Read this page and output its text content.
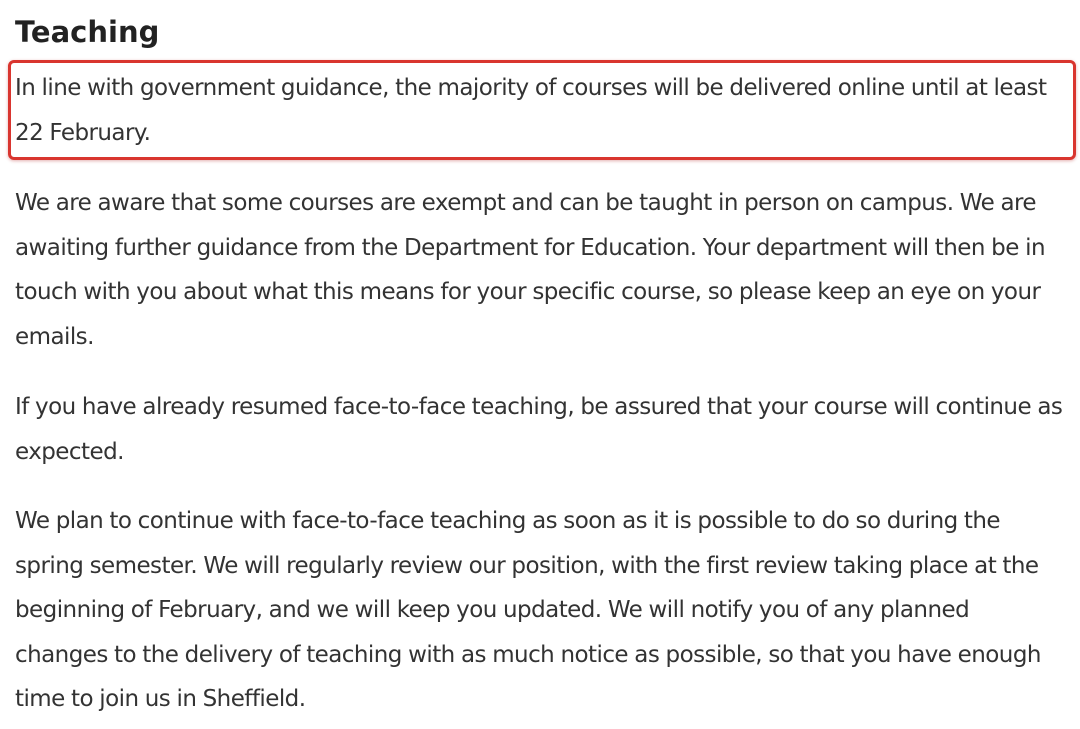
Teaching

In line with government guidance, the majority of courses will be delivered online until at least 22 February.

We are aware that some courses are exempt and can be taught in person on campus. We are awaiting further guidance from the Department for Education. Your department will then be in touch with you about what this means for your specific course, so please keep an eye on your emails.

If you have already resumed face-to-face teaching, be assured that your course will continue as expected.

We plan to continue with face-to-face teaching as soon as it is possible to do so during the spring semester. We will regularly review our position, with the first review taking place at the beginning of February, and we will keep you updated. We will notify you of any planned changes to the delivery of teaching with as much notice as possible, so that you have enough time to join us in Sheffield.
